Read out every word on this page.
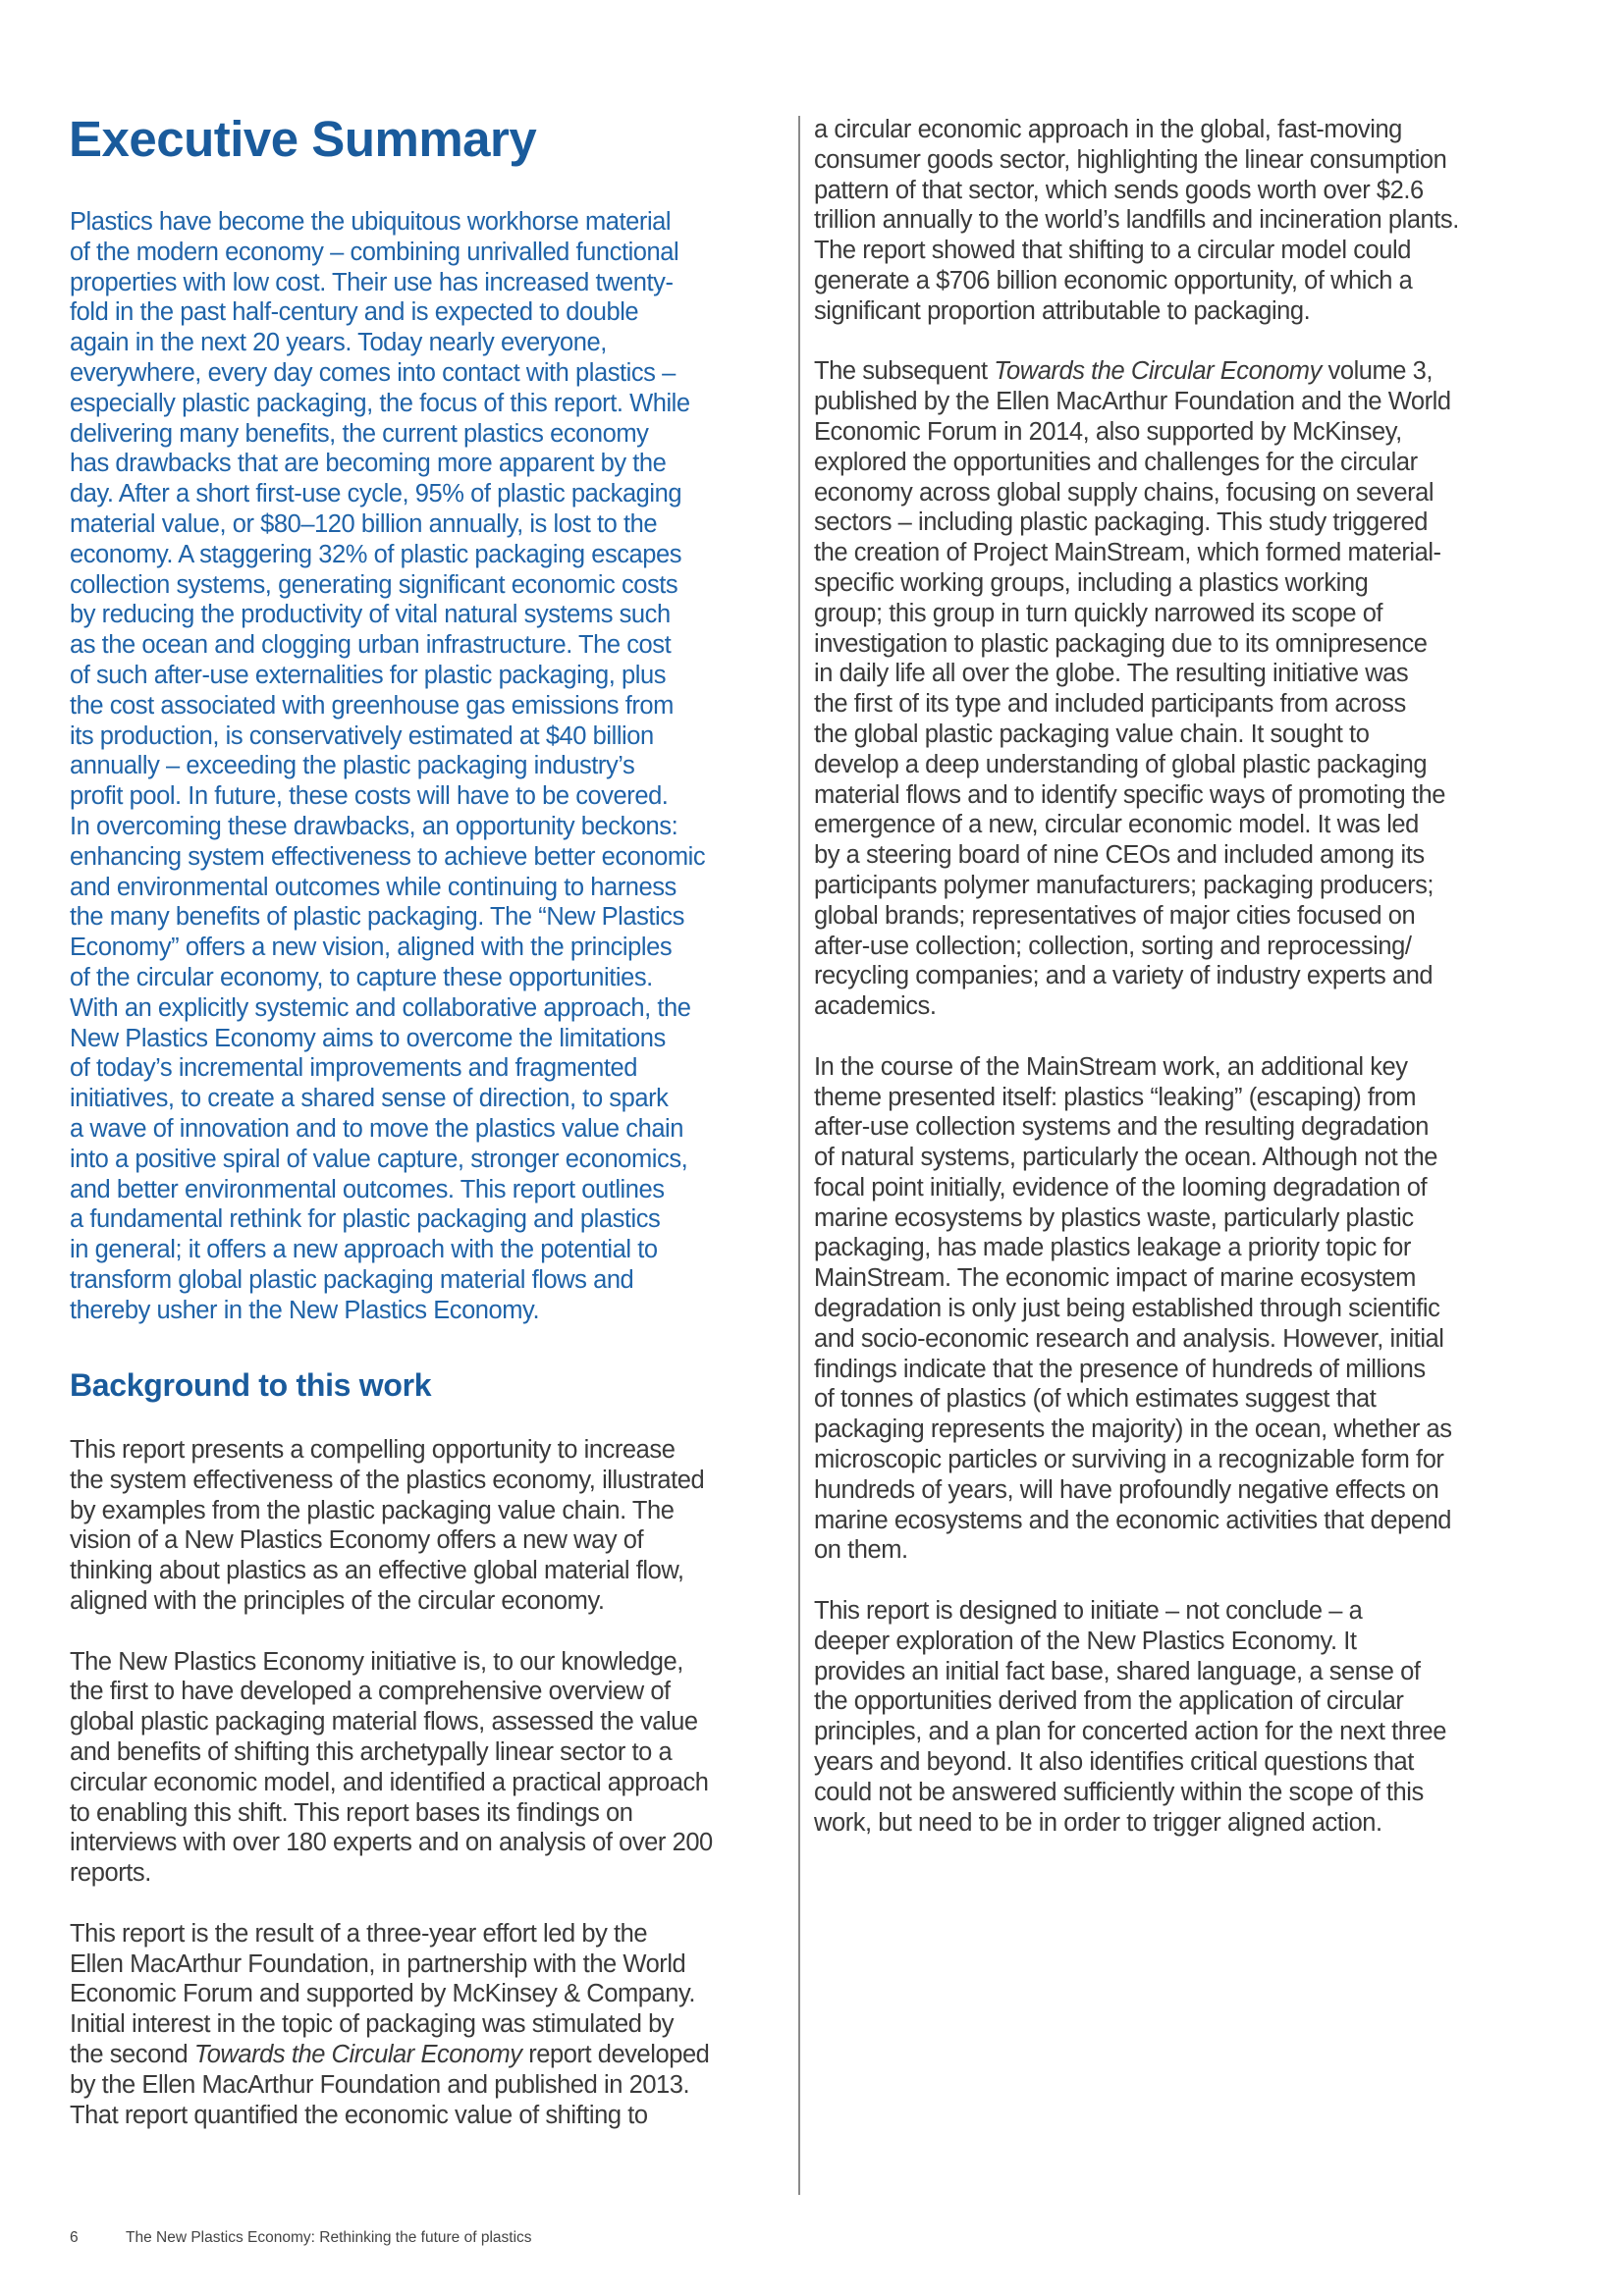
Executive Summary
Plastics have become the ubiquitous workhorse material
of the modern economy – combining unrivalled functional
properties with low cost. Their use has increased twenty-
fold in the past half-century and is expected to double
again in the next 20 years. Today nearly everyone,
everywhere, every day comes into contact with plastics –
especially plastic packaging, the focus of this report. While
delivering many benefits, the current plastics economy
has drawbacks that are becoming more apparent by the
day. After a short first-use cycle, 95% of plastic packaging
material value, or $80–120 billion annually, is lost to the
economy. A staggering 32% of plastic packaging escapes
collection systems, generating significant economic costs
by reducing the productivity of vital natural systems such
as the ocean and clogging urban infrastructure. The cost
of such after-use externalities for plastic packaging, plus
the cost associated with greenhouse gas emissions from
its production, is conservatively estimated at $40 billion
annually – exceeding the plastic packaging industry’s
profit pool. In future, these costs will have to be covered.
In overcoming these drawbacks, an opportunity beckons:
enhancing system effectiveness to achieve better economic
and environmental outcomes while continuing to harness
the many benefits of plastic packaging. The “New Plastics
Economy” offers a new vision, aligned with the principles
of the circular economy, to capture these opportunities.
With an explicitly systemic and collaborative approach, the
New Plastics Economy aims to overcome the limitations
of today’s incremental improvements and fragmented
initiatives, to create a shared sense of direction, to spark
a wave of innovation and to move the plastics value chain
into a positive spiral of value capture, stronger economics,
and better environmental outcomes. This report outlines
a fundamental rethink for plastic packaging and plastics
in general; it offers a new approach with the potential to
transform global plastic packaging material flows and
thereby usher in the New Plastics Economy.
Background to this work
This report presents a compelling opportunity to increase
the system effectiveness of the plastics economy, illustrated
by examples from the plastic packaging value chain. The
vision of a New Plastics Economy offers a new way of
thinking about plastics as an effective global material flow,
aligned with the principles of the circular economy.
The New Plastics Economy initiative is, to our knowledge,
the first to have developed a comprehensive overview of
global plastic packaging material flows, assessed the value
and benefits of shifting this archetypally linear sector to a
circular economic model, and identified a practical approach
to enabling this shift. This report bases its findings on
interviews with over 180 experts and on analysis of over 200
reports.
This report is the result of a three-year effort led by the
Ellen MacArthur Foundation, in partnership with the World
Economic Forum and supported by McKinsey & Company.
Initial interest in the topic of packaging was stimulated by
the second Towards the Circular Economy report developed
by the Ellen MacArthur Foundation and published in 2013.
That report quantified the economic value of shifting to
a circular economic approach in the global, fast-moving
consumer goods sector, highlighting the linear consumption
pattern of that sector, which sends goods worth over $2.6
trillion annually to the world’s landfills and incineration plants.
The report showed that shifting to a circular model could
generate a $706 billion economic opportunity, of which a
significant proportion attributable to packaging.
The subsequent Towards the Circular Economy volume 3,
published by the Ellen MacArthur Foundation and the World
Economic Forum in 2014, also supported by McKinsey,
explored the opportunities and challenges for the circular
economy across global supply chains, focusing on several
sectors – including plastic packaging. This study triggered
the creation of Project MainStream, which formed material-
specific working groups, including a plastics working
group; this group in turn quickly narrowed its scope of
investigation to plastic packaging due to its omnipresence
in daily life all over the globe. The resulting initiative was
the first of its type and included participants from across
the global plastic packaging value chain. It sought to
develop a deep understanding of global plastic packaging
material flows and to identify specific ways of promoting the
emergence of a new, circular economic model. It was led
by a steering board of nine CEOs and included among its
participants polymer manufacturers; packaging producers;
global brands; representatives of major cities focused on
after-use collection; collection, sorting and reprocessing/
recycling companies; and a variety of industry experts and
academics.
In the course of the MainStream work, an additional key
theme presented itself: plastics “leaking” (escaping) from
after-use collection systems and the resulting degradation
of natural systems, particularly the ocean. Although not the
focal point initially, evidence of the looming degradation of
marine ecosystems by plastics waste, particularly plastic
packaging, has made plastics leakage a priority topic for
MainStream. The economic impact of marine ecosystem
degradation is only just being established through scientific
and socio-economic research and analysis. However, initial
findings indicate that the presence of hundreds of millions
of tonnes of plastics (of which estimates suggest that
packaging represents the majority) in the ocean, whether as
microscopic particles or surviving in a recognizable form for
hundreds of years, will have profoundly negative effects on
marine ecosystems and the economic activities that depend
on them.
This report is designed to initiate – not conclude – a
deeper exploration of the New Plastics Economy. It
provides an initial fact base, shared language, a sense of
the opportunities derived from the application of circular
principles, and a plan for concerted action for the next three
years and beyond. It also identifies critical questions that
could not be answered sufficiently within the scope of this
work, but need to be in order to trigger aligned action.
6	The New Plastics Economy: Rethinking the future of plastics
